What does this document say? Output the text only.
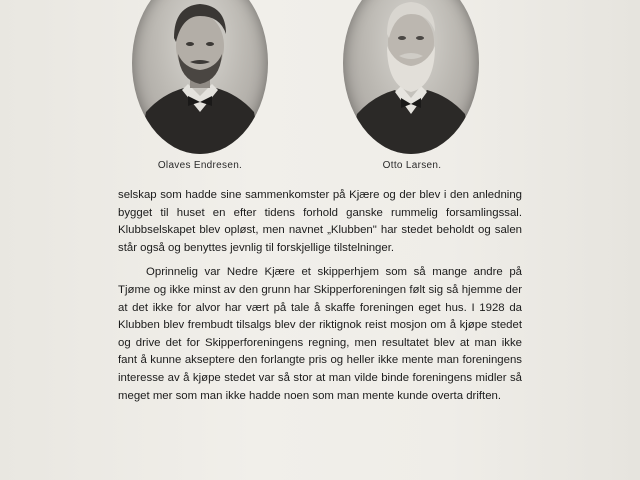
Olaves Endresen.	Otto Larsen.

selskap som hadde sine sammenkomster på Kjære og der blev i den anledning bygget til huset en efter tidens forhold ganske rummelig forsamlingssal. Klubbselskapet blev opløst, men navnet „Klubben" har stedet beholdt og salen står også og benyttes jevnlig til forskjellige tilstelninger.

Oprinnelig var Nedre Kjære et skipperhjem som så mange andre på Tjøme og ikke minst av den grunn har Skipperforeningen følt sig så hjemme der at det ikke for alvor har vært på tale å skaffe foreningen eget hus. I 1928 da Klubben blev frembudt tilsalgs blev der riktignok reist mosjon om å kjøpe stedet og drive det for Skipperforeningens regning, men resultatet blev at man ikke fant å kunne akseptere den forlangte pris og heller ikke mente man foreningens interesse av å kjøpe stedet var så stor at man vilde binde foreningens midler så meget mer som man ikke hadde noen som man mente kunde overta driften.
